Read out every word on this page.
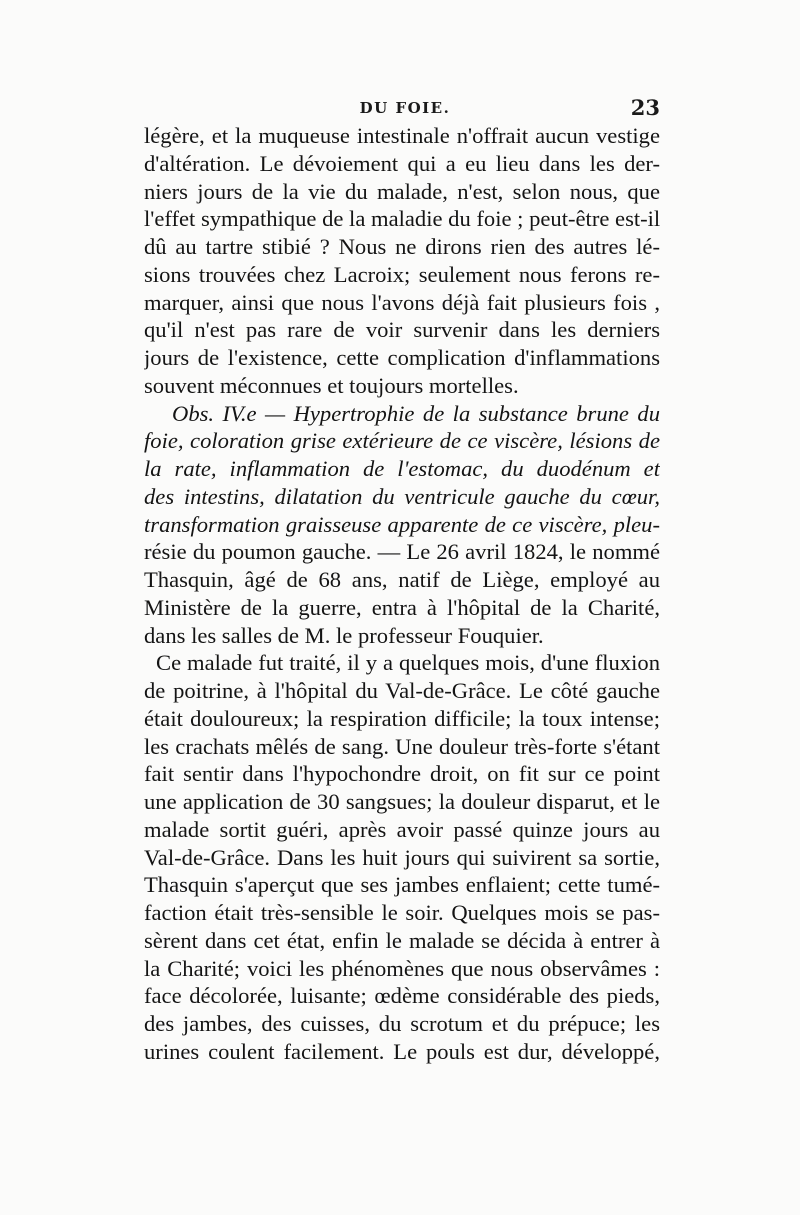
DU FOIE.	23
légère, et la muqueuse intestinale n'offrait aucun vestige
d'altération. Le dévoiement qui a eu lieu dans les der-
niers jours de la vie du malade, n'est, selon nous, que
l'effet sympathique de la maladie du foie ; peut-être est-il
dû au tartre stibié ? Nous ne dirons rien des autres lé-
sions trouvées chez Lacroix; seulement nous ferons re-
marquer, ainsi que nous l'avons déjà fait plusieurs fois ,
qu'il n'est pas rare de voir survenir dans les derniers
jours de l'existence, cette complication d'inflammations
souvent méconnues et toujours mortelles.
Obs. IV.e — Hypertrophie de la substance brune du
foie, coloration grise extérieure de ce viscère, lésions de
la rate, inflammation de l'estomac, du duodénum et
des intestins, dilatation du ventricule gauche du cœur,
transformation graisseuse apparente de ce viscère, pleu-
résie du poumon gauche. — Le 26 avril 1824, le nommé
Thasquin, âgé de 68 ans, natif de Liège, employé au
Ministère de la guerre, entra à l'hôpital de la Charité,
dans les salles de M. le professeur Fouquier.
Ce malade fut traité, il y a quelques mois, d'une fluxion
de poitrine, à l'hôpital du Val-de-Grâce. Le côté gauche
était douloureux; la respiration difficile; la toux intense;
les crachats mêlés de sang. Une douleur très-forte s'étant
fait sentir dans l'hypochondre droit, on fit sur ce point
une application de 30 sangsues; la douleur disparut, et le
malade sortit guéri, après avoir passé quinze jours au
Val-de-Grâce. Dans les huit jours qui suivirent sa sortie,
Thasquin s'aperçut que ses jambes enflaient; cette tumé-
faction était très-sensible le soir. Quelques mois se pas-
sèrent dans cet état, enfin le malade se décida à entrer à
la Charité; voici les phénomènes que nous observâmes :
face décolorée, luisante; œdème considérable des pieds,
des jambes, des cuisses, du scrotum et du prépuce; les
urines coulent facilement. Le pouls est dur, développé,
